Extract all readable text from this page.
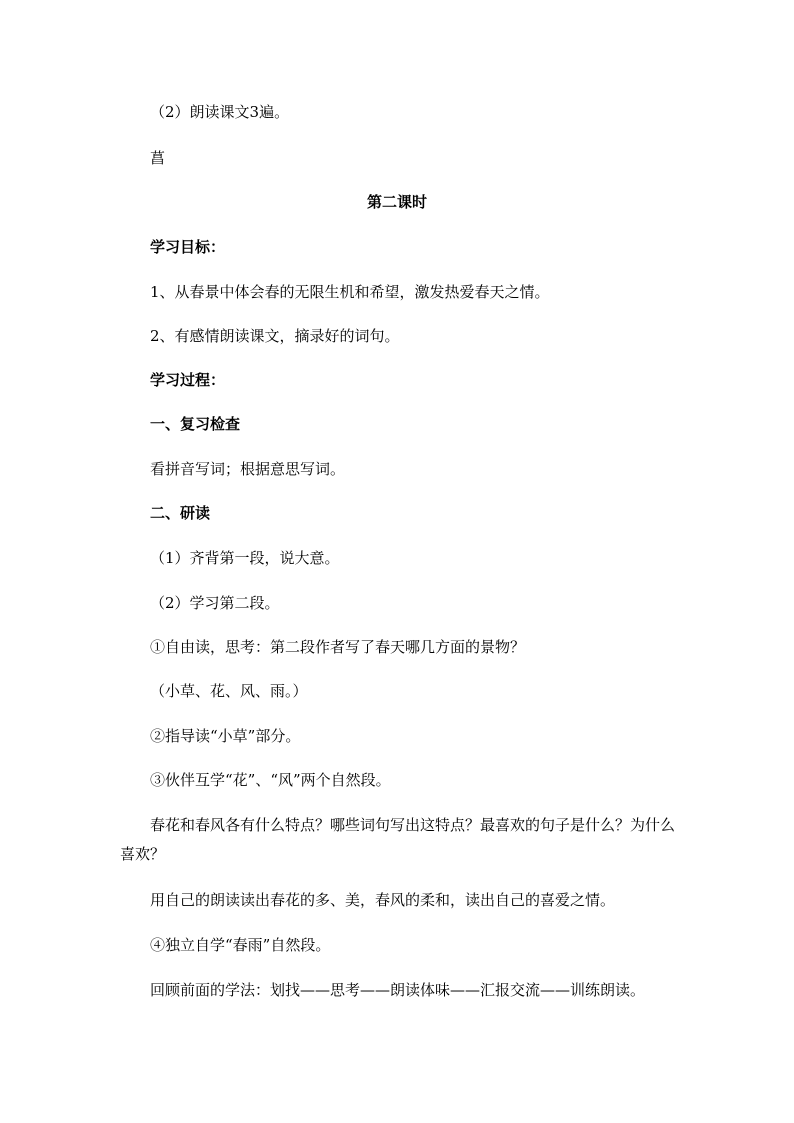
（2）朗读课文3遍。

菖

第二课时

学习目标：

1、从春景中体会春的无限生机和希望，激发热爱春天之情。

2、有感情朗读课文，摘录好的词句。

学习过程：

一、复习检查

看拼音写词；根据意思写词。

二、研读

（1）齐背第一段，说大意。

（2）学习第二段。

①自由读，思考：第二段作者写了春天哪几方面的景物？

（小草、花、风、雨。）

②指导读“小草”部分。

③伙伴互学“花”、“风”两个自然段。

春花和春风各有什么特点？哪些词句写出这特点？最喜欢的句子是什么？为什么喜欢？

用自己的朗读读出春花的多、美，春风的柔和，读出自己的喜爱之情。

④独立自学“春雨”自然段。

回顾前面的学法：划找——思考——朗读体味——汇报交流——训练朗读。
